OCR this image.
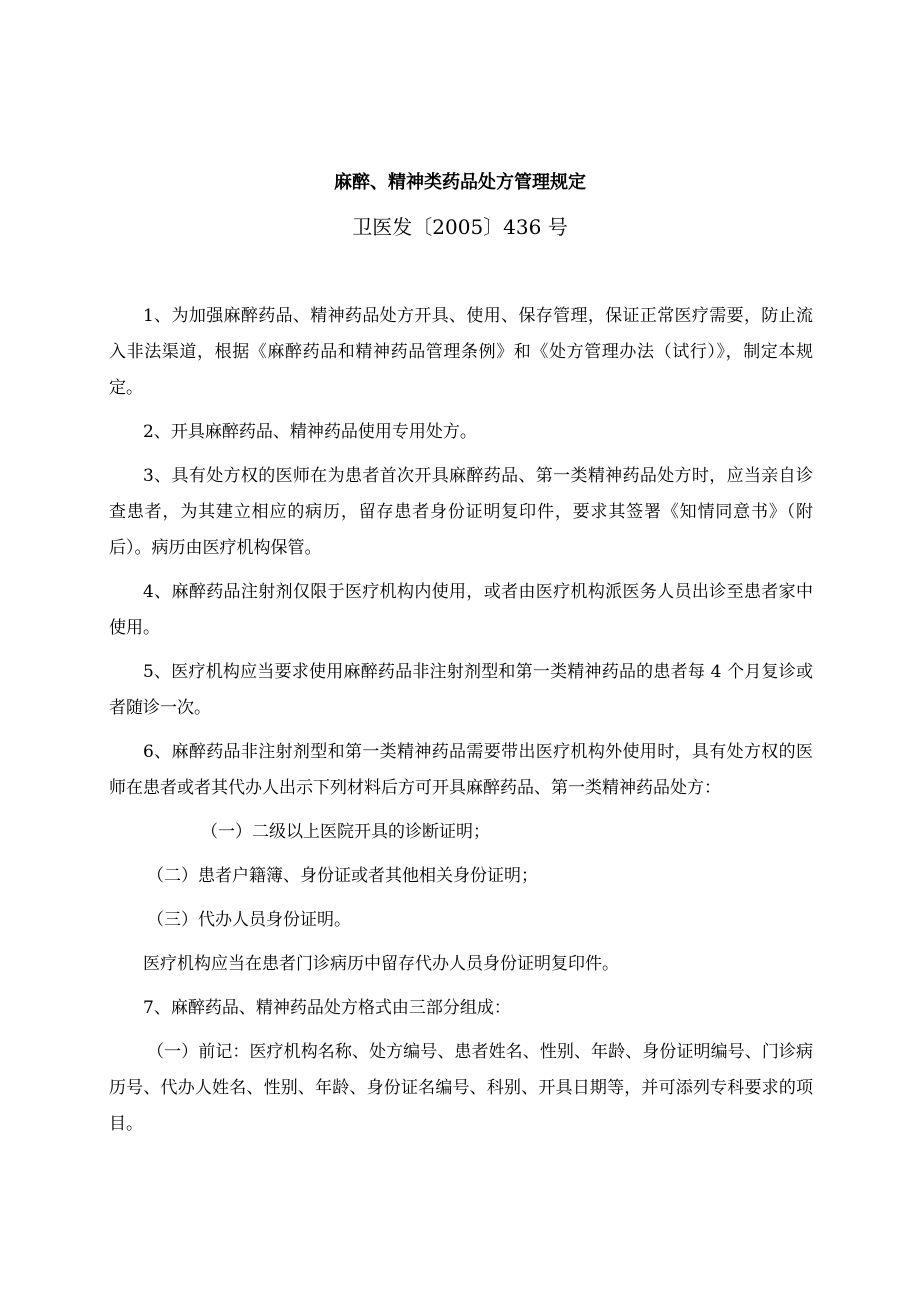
麻醉、精神类药品处方管理规定
卫医发〔2005〕436 号

1、为加强麻醉药品、精神药品处方开具、使用、保存管理，保证正常医疗需要，防止流入非法渠道，根据《麻醉药品和精神药品管理条例》和《处方管理办法（试行）》，制定本规定。

2、开具麻醉药品、精神药品使用专用处方。

3、具有处方权的医师在为患者首次开具麻醉药品、第一类精神药品处方时，应当亲自诊查患者，为其建立相应的病历，留存患者身份证明复印件，要求其签署《知情同意书》（附后）。病历由医疗机构保管。

4、麻醉药品注射剂仅限于医疗机构内使用，或者由医疗机构派医务人员出诊至患者家中使用。

5、医疗机构应当要求使用麻醉药品非注射剂型和第一类精神药品的患者每 4 个月复诊或者随诊一次。

6、麻醉药品非注射剂型和第一类精神药品需要带出医疗机构外使用时，具有处方权的医师在患者或者其代办人出示下列材料后方可开具麻醉药品、第一类精神药品处方：

（一）二级以上医院开具的诊断证明；

（二）患者户籍簿、身份证或者其他相关身份证明；

（三）代办人员身份证明。

医疗机构应当在患者门诊病历中留存代办人员身份证明复印件。

7、麻醉药品、精神药品处方格式由三部分组成：

（一）前记：医疗机构名称、处方编号、患者姓名、性别、年龄、身份证明编号、门诊病历号、代办人姓名、性别、年龄、身份证名编号、科别、开具日期等，并可添列专科要求的项目。
